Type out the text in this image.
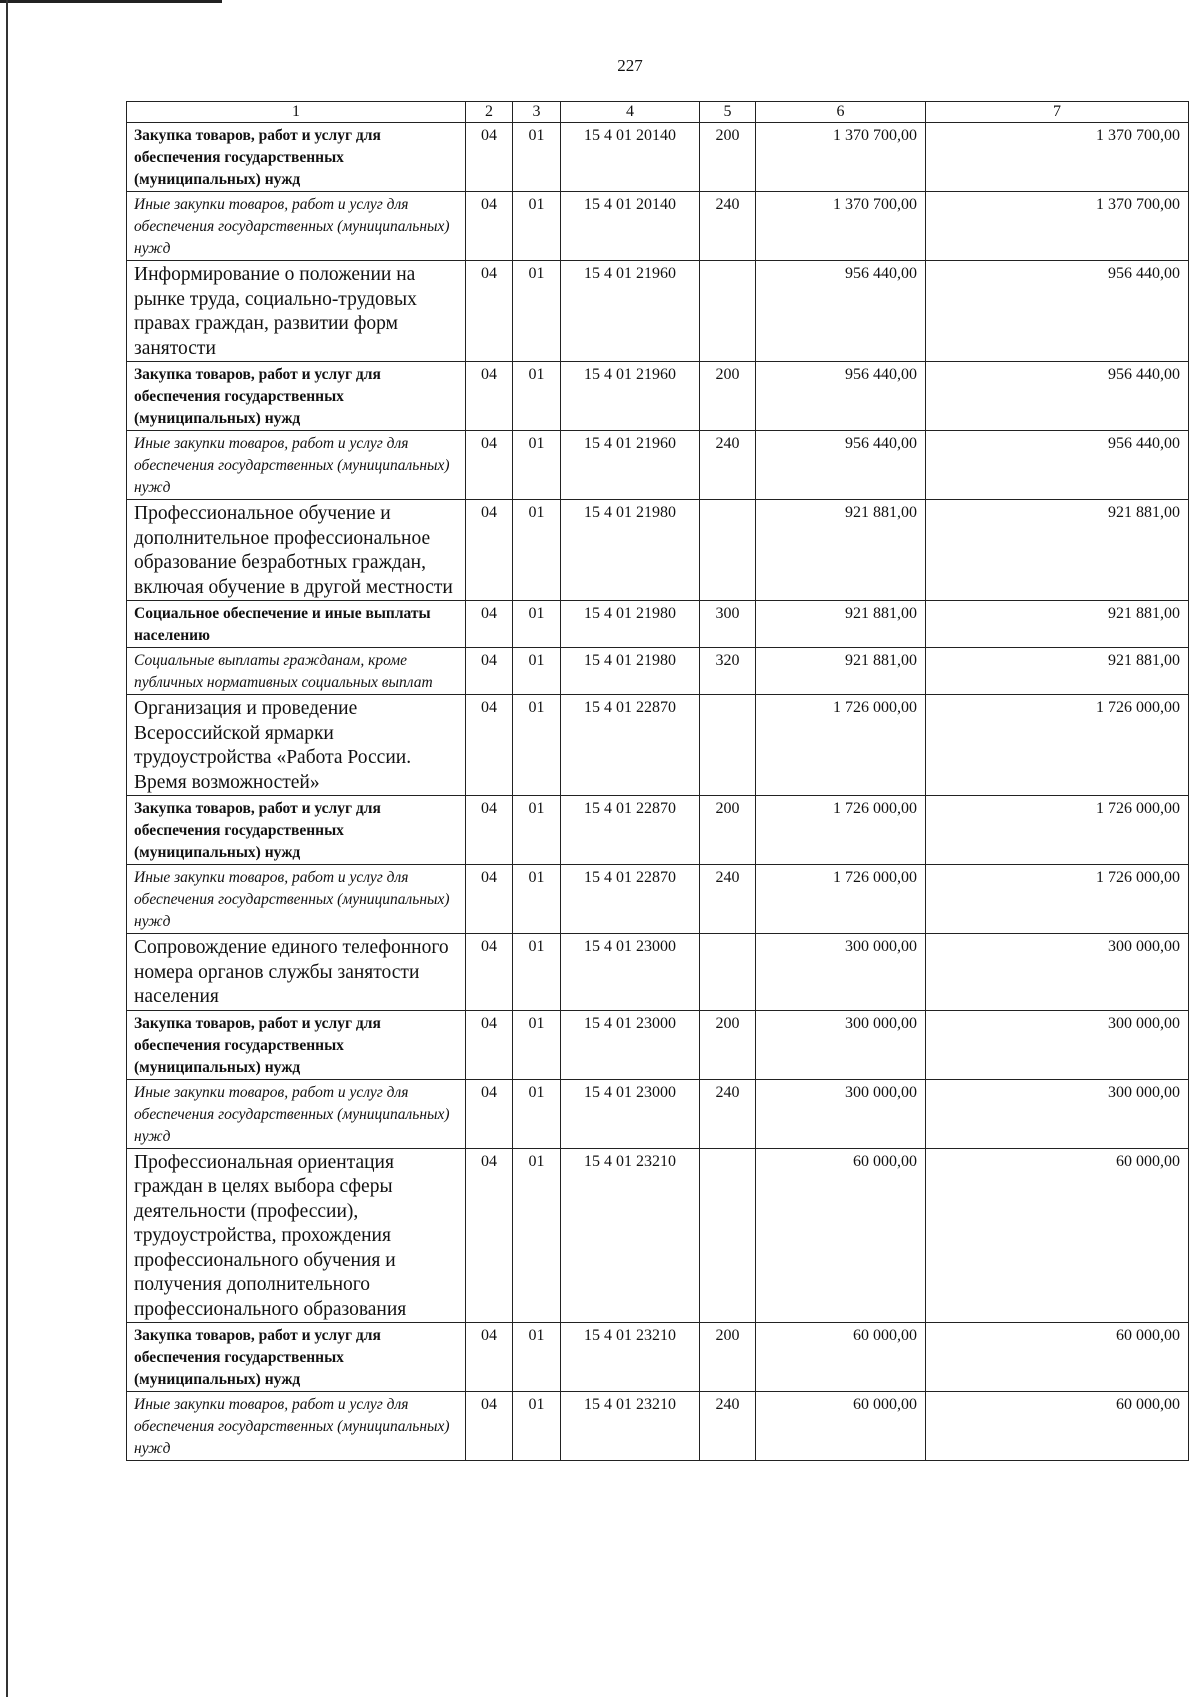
227
1	2	3	4	5	6	7
Закупка товаров, работ и услуг для обеспечения государственных (муниципальных) нужд	04	01	15 4 01 20140	200	1 370 700,00	1 370 700,00
Иные закупки товаров, работ и услуг для обеспечения государственных (муниципальных) нужд	04	01	15 4 01 20140	240	1 370 700,00	1 370 700,00
Информирование о положении на рынке труда, социально-трудовых правах граждан, развитии форм занятости	04	01	15 4 01 21960		956 440,00	956 440,00
Закупка товаров, работ и услуг для обеспечения государственных (муниципальных) нужд	04	01	15 4 01 21960	200	956 440,00	956 440,00
Иные закупки товаров, работ и услуг для обеспечения государственных (муниципальных) нужд	04	01	15 4 01 21960	240	956 440,00	956 440,00
Профессиональное обучение и дополнительное профессиональное образование безработных граждан, включая обучение в другой местности	04	01	15 4 01 21980		921 881,00	921 881,00
Социальное обеспечение и иные выплаты населению	04	01	15 4 01 21980	300	921 881,00	921 881,00
Социальные выплаты гражданам, кроме публичных нормативных социальных выплат	04	01	15 4 01 21980	320	921 881,00	921 881,00
Организация и проведение Всероссийской ярмарки трудоустройства «Работа России. Время возможностей»	04	01	15 4 01 22870		1 726 000,00	1 726 000,00
Закупка товаров, работ и услуг для обеспечения государственных (муниципальных) нужд	04	01	15 4 01 22870	200	1 726 000,00	1 726 000,00
Иные закупки товаров, работ и услуг для обеспечения государственных (муниципальных) нужд	04	01	15 4 01 22870	240	1 726 000,00	1 726 000,00
Сопровождение единого телефонного номера органов службы занятости населения	04	01	15 4 01 23000		300 000,00	300 000,00
Закупка товаров, работ и услуг для обеспечения государственных (муниципальных) нужд	04	01	15 4 01 23000	200	300 000,00	300 000,00
Иные закупки товаров, работ и услуг для обеспечения государственных (муниципальных) нужд	04	01	15 4 01 23000	240	300 000,00	300 000,00
Профессиональная ориентация граждан в целях выбора сферы деятельности (профессии), трудоустройства, прохождения профессионального обучения и получения дополнительного профессионального образования	04	01	15 4 01 23210		60 000,00	60 000,00
Закупка товаров, работ и услуг для обеспечения государственных (муниципальных) нужд	04	01	15 4 01 23210	200	60 000,00	60 000,00
Иные закупки товаров, работ и услуг для обеспечения государственных (муниципальных) нужд	04	01	15 4 01 23210	240	60 000,00	60 000,00
